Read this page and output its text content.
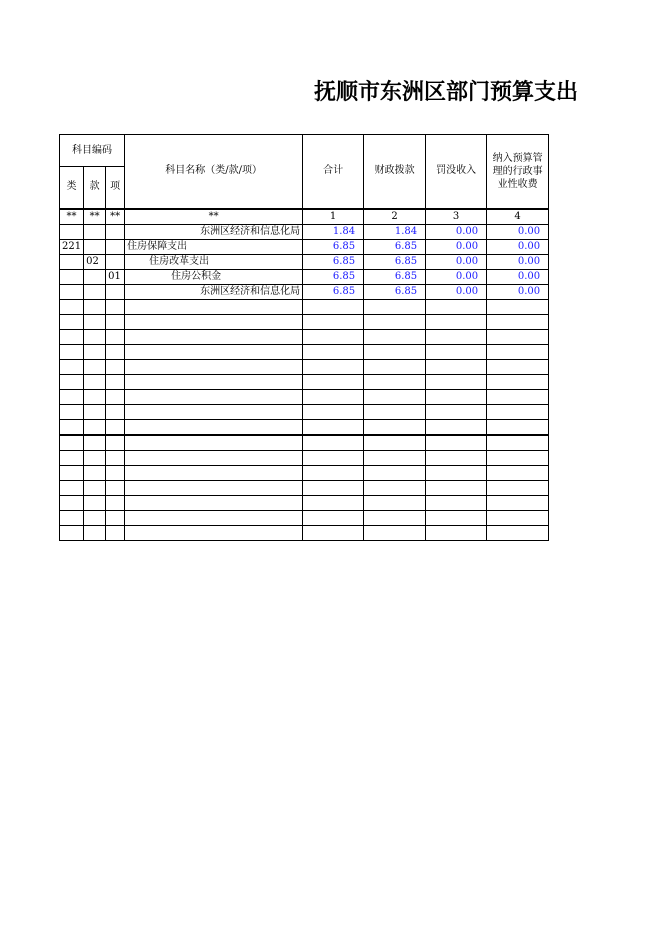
抚顺市东洲区部门预算支出
科目编码			科目名称（类/款/项）	合计	财政拨款	罚没收入	纳入预算管理的行政事业性收费
类	款	项					
**	**	**	**	1	2	3	4
			东洲区经济和信息化局	1.84	1.84	0.00	0.00
221			住房保障支出	6.85	6.85	0.00	0.00
	02		住房改革支出	6.85	6.85	0.00	0.00
		01	住房公积金	6.85	6.85	0.00	0.00
			东洲区经济和信息化局	6.85	6.85	0.00	0.00
